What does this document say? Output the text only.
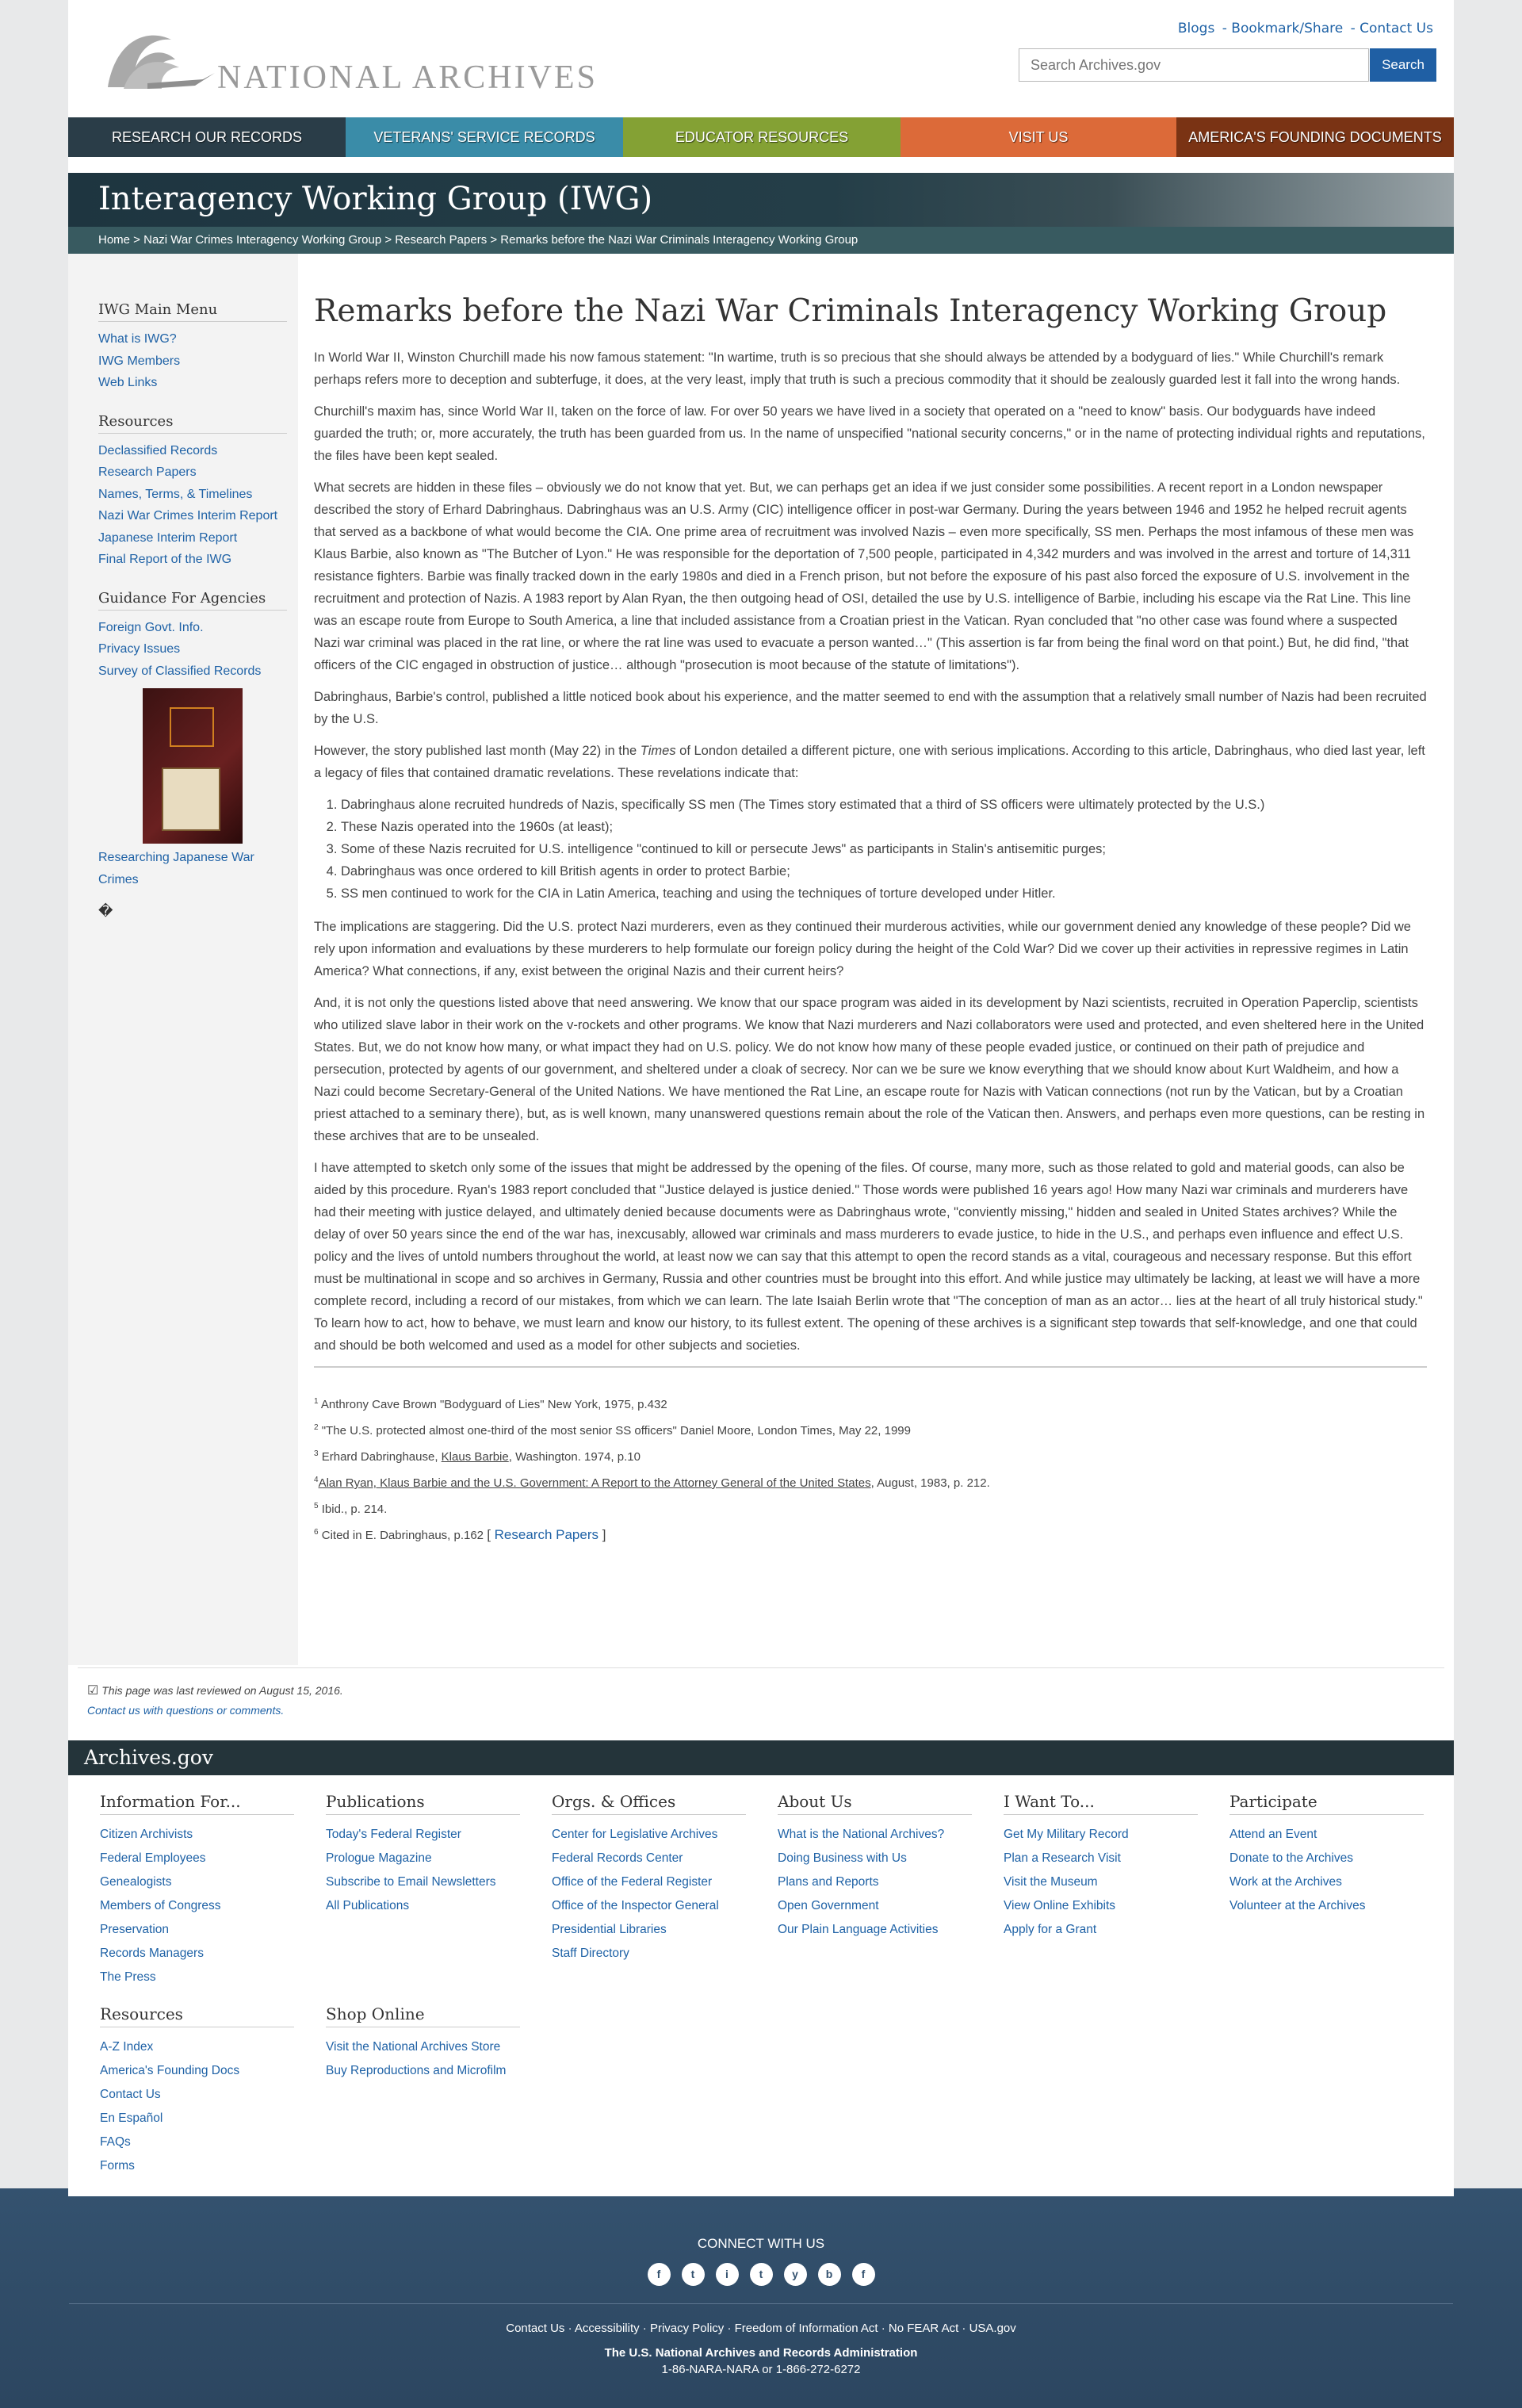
NATIONAL ARCHIVES
Blogs - Bookmark/Share - Contact Us
Search Archives.gov
Search
RESEARCH OUR RECORDS	VETERANS' SERVICE RECORDS	EDUCATOR RESOURCES	VISIT US	AMERICA'S FOUNDING DOCUMENTS
Interagency Working Group (IWG)
Home > Nazi War Crimes Interagency Working Group > Research Papers > Remarks before the Nazi War Criminals Interagency Working Group
IWG Main Menu
What is IWG?
IWG Members
Web Links
Resources
Declassified Records
Research Papers
Names, Terms, & Timelines
Nazi War Crimes Interim Report
Japanese Interim Report
Final Report of the IWG
Guidance For Agencies
Foreign Govt. Info.
Privacy Issues
Survey of Classified Records
Researching Japanese War Crimes
�
Remarks before the Nazi War Criminals Interagency Working Group

In World War II, Winston Churchill made his now famous statement: "In wartime, truth is so precious that she should always be attended by a bodyguard of lies." While Churchill's remark perhaps refers more to deception and subterfuge, it does, at the very least, imply that truth is such a precious commodity that it should be zealously guarded lest it fall into the wrong hands.

Churchill's maxim has, since World War II, taken on the force of law. For over 50 years we have lived in a society that operated on a "need to know" basis. Our bodyguards have indeed guarded the truth; or, more accurately, the truth has been guarded from us. In the name of unspecified "national security concerns," or in the name of protecting individual rights and reputations, the files have been kept sealed.

What secrets are hidden in these files – obviously we do not know that yet. But, we can perhaps get an idea if we just consider some possibilities. A recent report in a London newspaper described the story of Erhard Dabringhaus. Dabringhaus was an U.S. Army (CIC) intelligence officer in post-war Germany. During the years between 1946 and 1952 he helped recruit agents that served as a backbone of what would become the CIA. One prime area of recruitment was involved Nazis – even more specifically, SS men. Perhaps the most infamous of these men was Klaus Barbie, also known as "The Butcher of Lyon." He was responsible for the deportation of 7,500 people, participated in 4,342 murders and was involved in the arrest and torture of 14,311 resistance fighters. Barbie was finally tracked down in the early 1980s and died in a French prison, but not before the exposure of his past also forced the exposure of U.S. involvement in the recruitment and protection of Nazis. A 1983 report by Alan Ryan, the then outgoing head of OSI, detailed the use by U.S. intelligence of Barbie, including his escape via the Rat Line. This line was an escape route from Europe to South America, a line that included assistance from a Croatian priest in the Vatican. Ryan concluded that "no other case was found where a suspected Nazi war criminal was placed in the rat line, or where the rat line was used to evacuate a person wanted…" (This assertion is far from being the final word on that point.) But, he did find, "that officers of the CIC engaged in obstruction of justice… although "prosecution is moot because of the statute of limitations").

Dabringhaus, Barbie's control, published a little noticed book about his experience, and the matter seemed to end with the assumption that a relatively small number of Nazis had been recruited by the U.S.

However, the story published last month (May 22) in the Times of London detailed a different picture, one with serious implications. According to this article, Dabringhaus, who died last year, left a legacy of files that contained dramatic revelations. These revelations indicate that:

1. Dabringhaus alone recruited hundreds of Nazis, specifically SS men (The Times story estimated that a third of SS officers were ultimately protected by the U.S.)
2. These Nazis operated into the 1960s (at least);
3. Some of these Nazis recruited for U.S. intelligence "continued to kill or persecute Jews" as participants in Stalin's antisemitic purges;
4. Dabringhaus was once ordered to kill British agents in order to protect Barbie;
5. SS men continued to work for the CIA in Latin America, teaching and using the techniques of torture developed under Hitler.

The implications are staggering. Did the U.S. protect Nazi murderers, even as they continued their murderous activities, while our government denied any knowledge of these people? Did we rely upon information and evaluations by these murderers to help formulate our foreign policy during the height of the Cold War? Did we cover up their activities in repressive regimes in Latin America? What connections, if any, exist between the original Nazis and their current heirs?

And, it is not only the questions listed above that need answering. We know that our space program was aided in its development by Nazi scientists, recruited in Operation Paperclip, scientists who utilized slave labor in their work on the v-rockets and other programs. We know that Nazi murderers and Nazi collaborators were used and protected, and even sheltered here in the United States. But, we do not know how many, or what impact they had on U.S. policy. We do not know how many of these people evaded justice, or continued on their path of prejudice and persecution, protected by agents of our government, and sheltered under a cloak of secrecy. Nor can we be sure we know everything that we should know about Kurt Waldheim, and how a Nazi could become Secretary-General of the United Nations. We have mentioned the Rat Line, an escape route for Nazis with Vatican connections (not run by the Vatican, but by a Croatian priest attached to a seminary there), but, as is well known, many unanswered questions remain about the role of the Vatican then. Answers, and perhaps even more questions, can be resting in these archives that are to be unsealed.

I have attempted to sketch only some of the issues that might be addressed by the opening of the files. Of course, many more, such as those related to gold and material goods, can also be aided by this procedure. Ryan's 1983 report concluded that "Justice delayed is justice denied." Those words were published 16 years ago! How many Nazi war criminals and murderers have had their meeting with justice delayed, and ultimately denied because documents were as Dabringhaus wrote, "conviently missing," hidden and sealed in United States archives? While the delay of over 50 years since the end of the war has, inexcusably, allowed war criminals and mass murderers to evade justice, to hide in the U.S., and perhaps even influence and effect U.S. policy and the lives of untold numbers throughout the world, at least now we can say that this attempt to open the record stands as a vital, courageous and necessary response. But this effort must be multinational in scope and so archives in Germany, Russia and other countries must be brought into this effort. And while justice may ultimately be lacking, at least we will have a more complete record, including a record of our mistakes, from which we can learn. The late Isaiah Berlin wrote that "The conception of man as an actor… lies at the heart of all truly historical study." To learn how to act, how to behave, we must learn and know our history, to its fullest extent. The opening of these archives is a significant step towards that self-knowledge, and one that could and should be both welcomed and used as a model for other subjects and societies.

$^1$ Anthrony Cave Brown "Bodyguard of Lies" New York, 1975, p.432
$^2$ "The U.S. protected almost one-third of the most senior SS officers" Daniel Moore, London Times, May 22, 1999
$^3$ Erhard Dabringhause, Klaus Barbie, Washington. 1974, p.10
$^4$Alan Ryan, Klaus Barbie and the U.S. Government: A Report to the Attorney General of the United States, August, 1983, p. 212.
$^5$ Ibid., p. 214.
$^6$ Cited in E. Dabringhaus, p.162 [ Research Papers ]
☑ This page was last reviewed on August 15, 2016.
Contact us with questions or comments.
Archives.gov
Information For...
Citizen Archivists
Federal Employees
Genealogists
Members of Congress
Preservation
Records Managers
The Press
Publications
Today's Federal Register
Prologue Magazine
Subscribe to Email Newsletters
All Publications
Orgs. & Offices
Center for Legislative Archives
Federal Records Center
Office of the Federal Register
Office of the Inspector General
Presidential Libraries
Staff Directory
About Us
What is the National Archives?
Doing Business with Us
Plans and Reports
Open Government
Our Plain Language Activities
I Want To...
Get My Military Record
Plan a Research Visit
Visit the Museum
View Online Exhibits
Apply for a Grant
Participate
Attend an Event
Donate to the Archives
Work at the Archives
Volunteer at the Archives
Resources
A-Z Index
America's Founding Docs
Contact Us
En Español
FAQs
Forms
Shop Online
Visit the National Archives Store
Buy Reproductions and Microfilm
CONNECT WITH US
f	t	i	t	y	b	f
Contact Us · Accessibility · Privacy Policy · Freedom of Information Act · No FEAR Act · USA.gov
The U.S. National Archives and Records Administration
1-86-NARA-NARA or 1-866-272-6272
